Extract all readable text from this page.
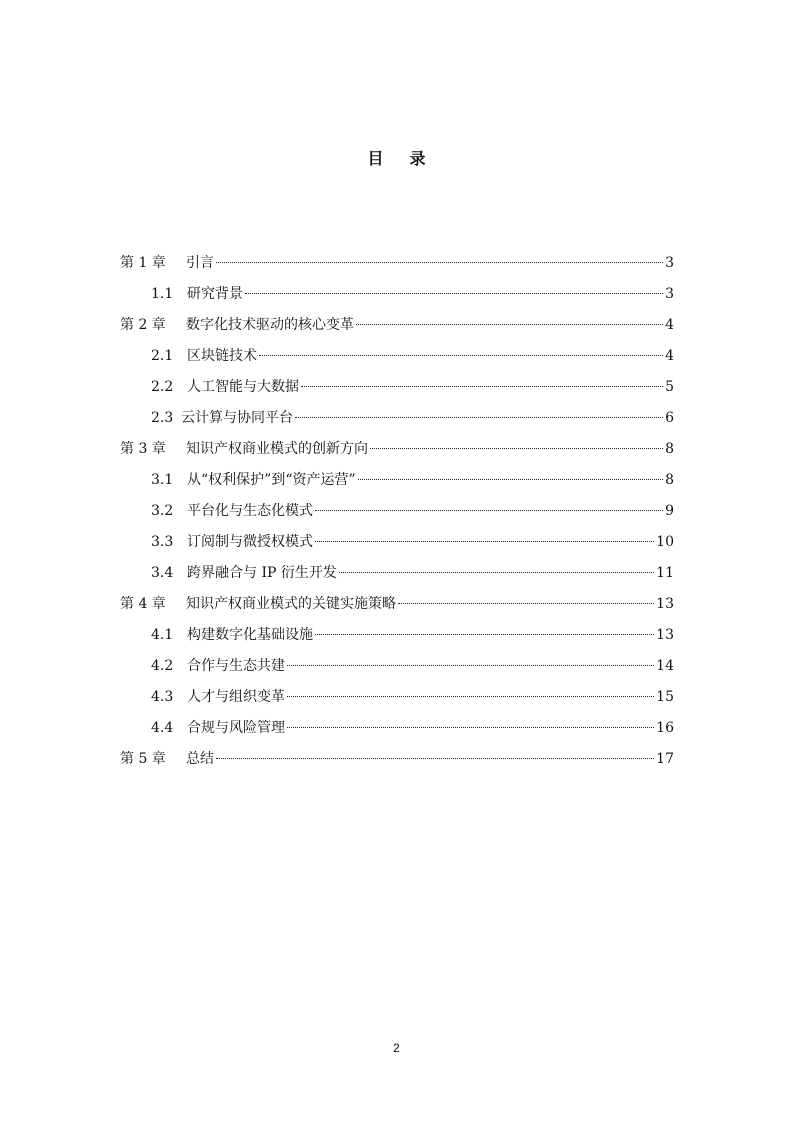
目 录
第 1 章	引言	3
1.1 研究背景	3
第 2 章	数字化技术驱动的核心变革	4
2.1 区块链技术	4
2.2 人工智能与大数据	5
2.3 云计算与协同平台	6
第 3 章	知识产权商业模式的创新方向	8
3.1 从“权利保护”到“资产运营”	8
3.2 平台化与生态化模式	9
3.3 订阅制与微授权模式	10
3.4 跨界融合与 IP 衍生开发	11
第 4 章	知识产权商业模式的关键实施策略	13
4.1 构建数字化基础设施	13
4.2 合作与生态共建	14
4.3 人才与组织变革	15
4.4 合规与风险管理	16
第 5 章	总结	17
2
